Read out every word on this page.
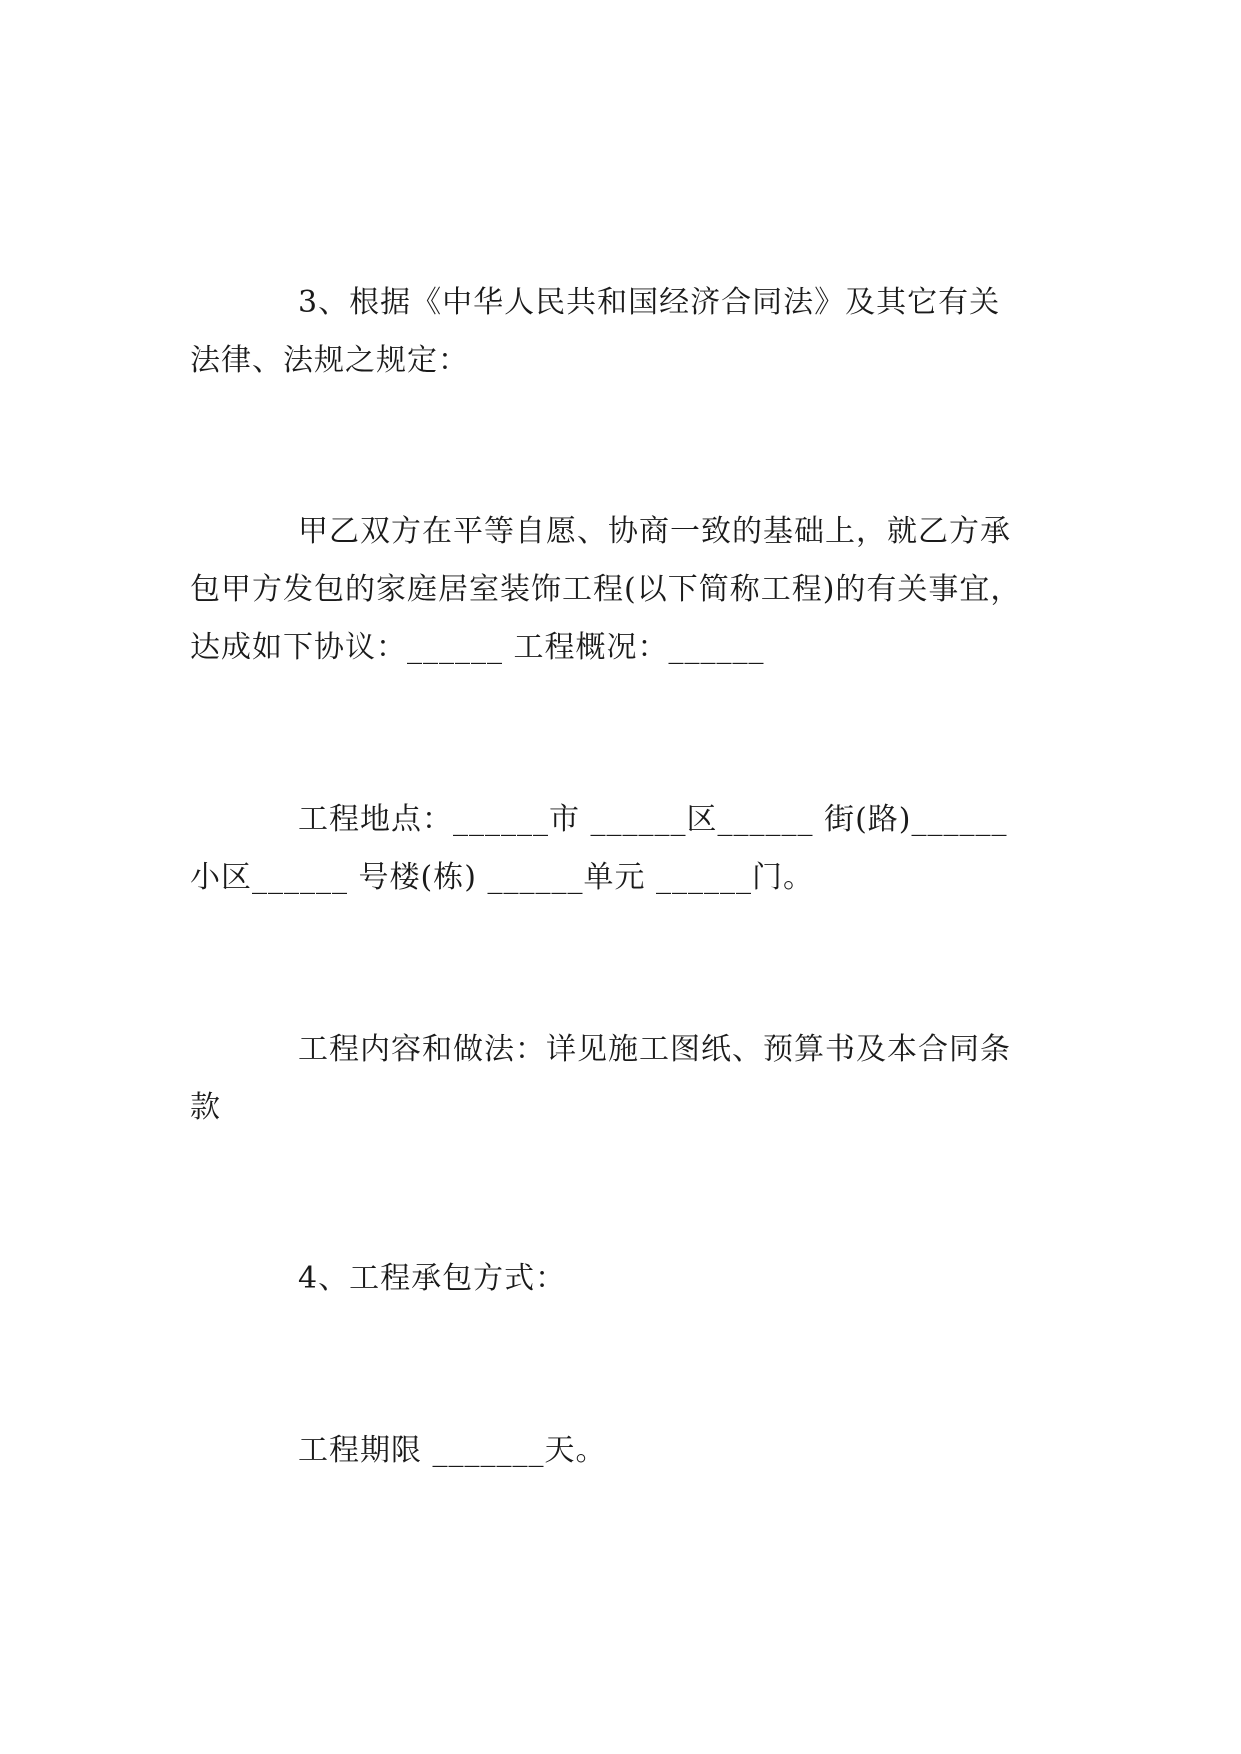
3、根据《中华人民共和国经济合同法》及其它有关
法律、法规之规定：
甲乙双方在平等自愿、协商一致的基础上，就乙方承
包甲方发包的家庭居室装饰工程(以下简称工程)的有关事宜，
达成如下协议：______ 工程概况：______
工程地点：______市 ______区______ 街(路)______
小区______ 号楼(栋) ______单元 ______门。
工程内容和做法：详见施工图纸、预算书及本合同条
款
4、工程承包方式：
工程期限 _______天。
